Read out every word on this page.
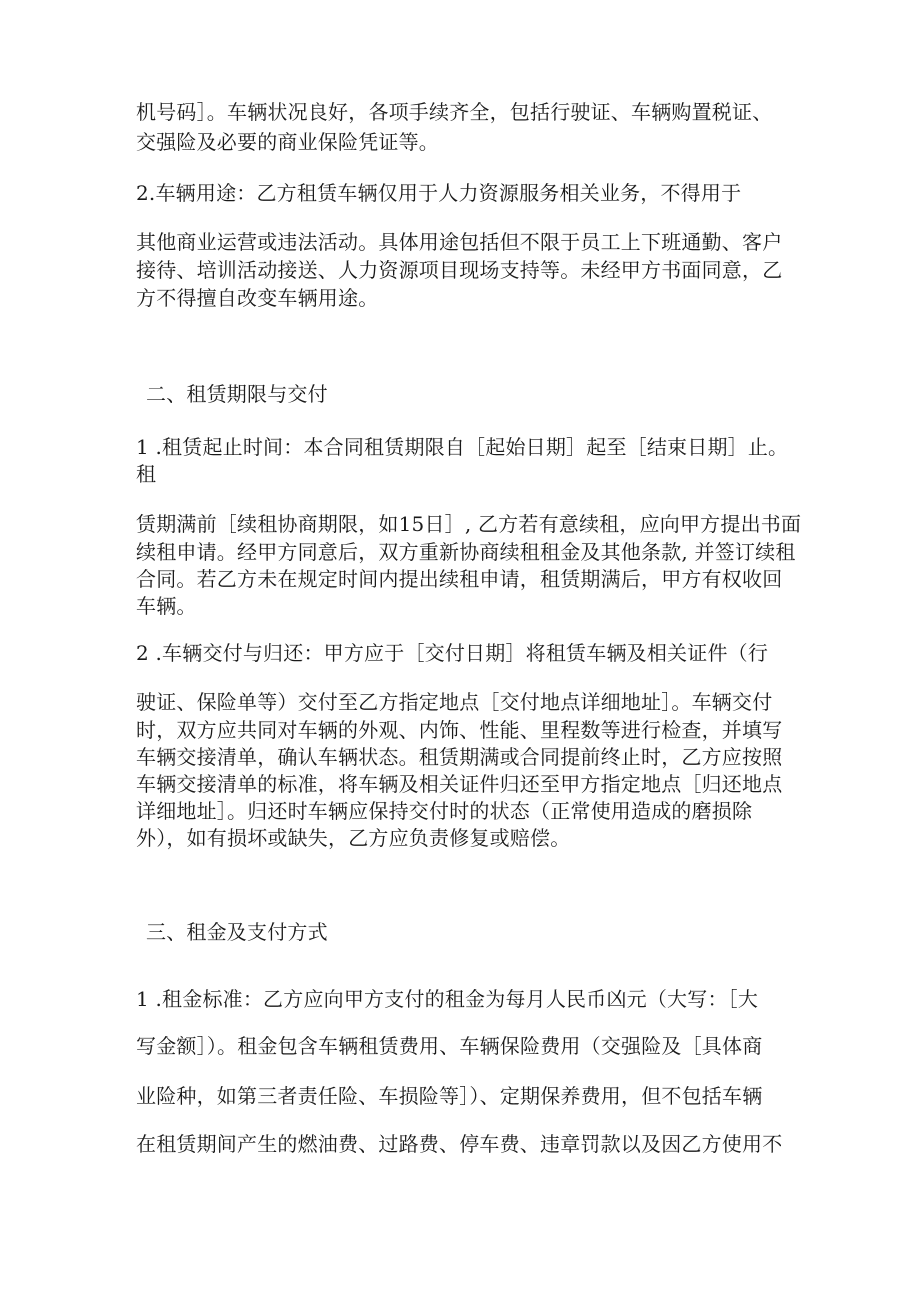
机号码］。车辆状况良好，各项手续齐全，包括行驶证、车辆购置税证、

交强险及必要的商业保险凭证等。

2.车辆用途：乙方租赁车辆仅用于人力资源服务相关业务，不得用于

其他商业运营或违法活动。具体用途包括但不限于员工上下班通勤、客户

接待、培训活动接送、人力资源项目现场支持等。未经甲方书面同意，乙

方不得擅自改变车辆用途。

二、租赁期限与交付

1 .租赁起止时间：本合同租赁期限自［起始日期］起至［结束日期］止。

租

赁期满前［续租协商期限，如15日］, 乙方若有意续租，应向甲方提出书面

续租申请。经甲方同意后，双方重新协商续租租金及其他条款, 并签订续租

合同。若乙方未在规定时间内提出续租申请，租赁期满后，甲方有权收回

车辆。

2 .车辆交付与归还：甲方应于［交付日期］将租赁车辆及相关证件（行

驶证、保险单等）交付至乙方指定地点［交付地点详细地址］。车辆交付

时，双方应共同对车辆的外观、内饰、性能、里程数等进行检查，并填写

车辆交接清单，确认车辆状态。租赁期满或合同提前终止时，乙方应按照

车辆交接清单的标准，将车辆及相关证件归还至甲方指定地点［归还地点

详细地址］。归还时车辆应保持交付时的状态（正常使用造成的磨损除

外），如有损坏或缺失，乙方应负责修复或赔偿。

三、租金及支付方式

1 .租金标准：乙方应向甲方支付的租金为每月人民币凶元（大写：［大

写金额］）。租金包含车辆租赁费用、车辆保险费用（交强险及［具体商

业险种，如第三者责任险、车损险等］）、定期保养费用，但不包括车辆

在租赁期间产生的燃油费、过路费、停车费、违章罚款以及因乙方使用不
